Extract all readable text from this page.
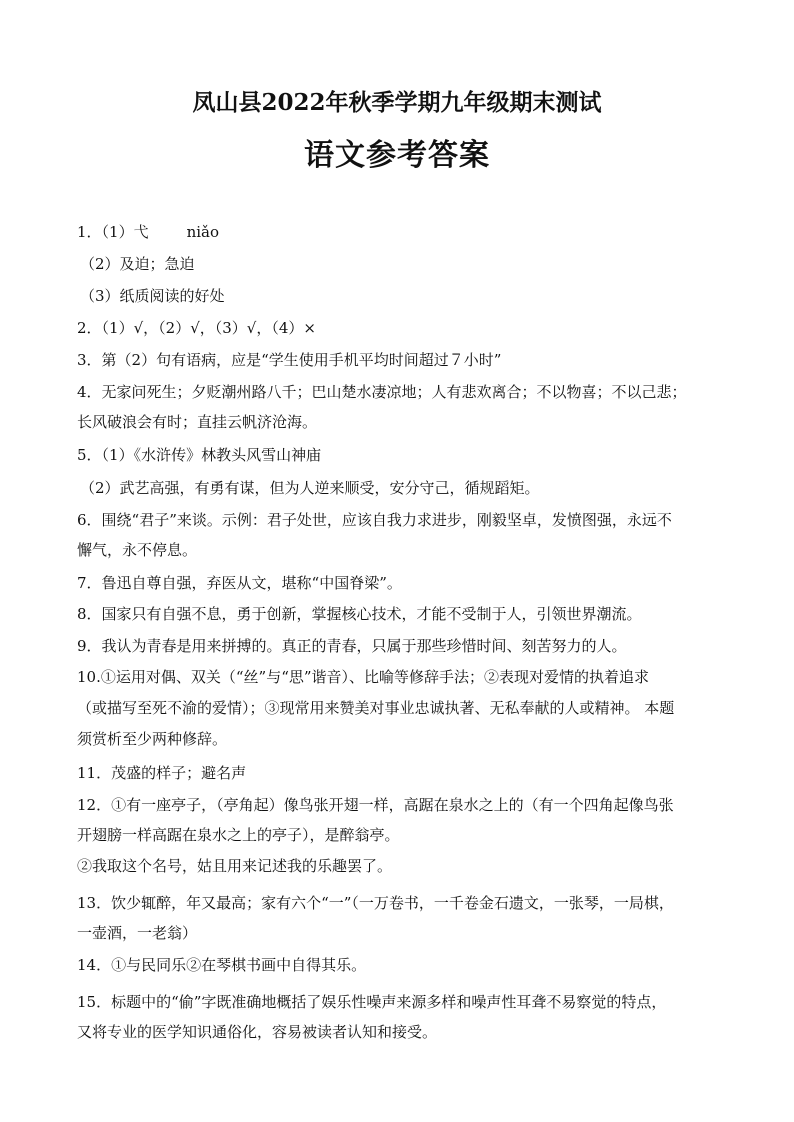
凤山县2022年秋季学期九年级期末测试
语文参考答案
1．（1）弋	niǎo
（2）及迫；急迫
（3）纸质阅读的好处
2．（1）√，（2）√，（3）√，（4）×
3．第（2）句有语病，应是“学生使用手机平均时间超过７小时”
4．无家问死生；夕贬潮州路八千；巴山楚水凄凉地；人有悲欢离合；不以物喜；不以己悲；
长风破浪会有时；直挂云帆济沧海。
5．（1）《水浒传》林教头风雪山神庙
（2）武艺高强，有勇有谋，但为人逆来顺受，安分守己，循规蹈矩。
6．围绕“君子”来谈。示例：君子处世，应该自我力求进步，刚毅坚卓，发愤图强，永远不
懈气，永不停息。
7．鲁迅自尊自强，弃医从文，堪称“中国脊梁”。
8．国家只有自强不息，勇于创新，掌握核心技术，才能不受制于人，引领世界潮流。
9．我认为青春是用来拼搏的。真正的青春，只属于那些珍惜时间、刻苦努力的人。
10.①运用对偶、双关（“丝”与“思”谐音）、比喻等修辞手法；②表现对爱情的执着追求
（或描写至死不渝的爱情）；③现常用来赞美对事业忠诚执著、无私奉献的人或精神。 本题
须赏析至少两种修辞。
11．茂盛的样子；避名声
12．①有一座亭子，（亭角起）像鸟张开翅一样，高踞在泉水之上的（有一个四角起像鸟张
开翅膀一样高踞在泉水之上的亭子），是醉翁亭。
②我取这个名号，姑且用来记述我的乐趣罢了。
13．饮少辄醉，年又最高；家有六个“一”（一万卷书，一千卷金石遗文，一张琴，一局棋，
一壶酒，一老翁）
14．①与民同乐②在琴棋书画中自得其乐。
15．标题中的“偷”字既准确地概括了娱乐性噪声来源多样和噪声性耳聋不易察觉的特点，
又将专业的医学知识通俗化，容易被读者认知和接受。
